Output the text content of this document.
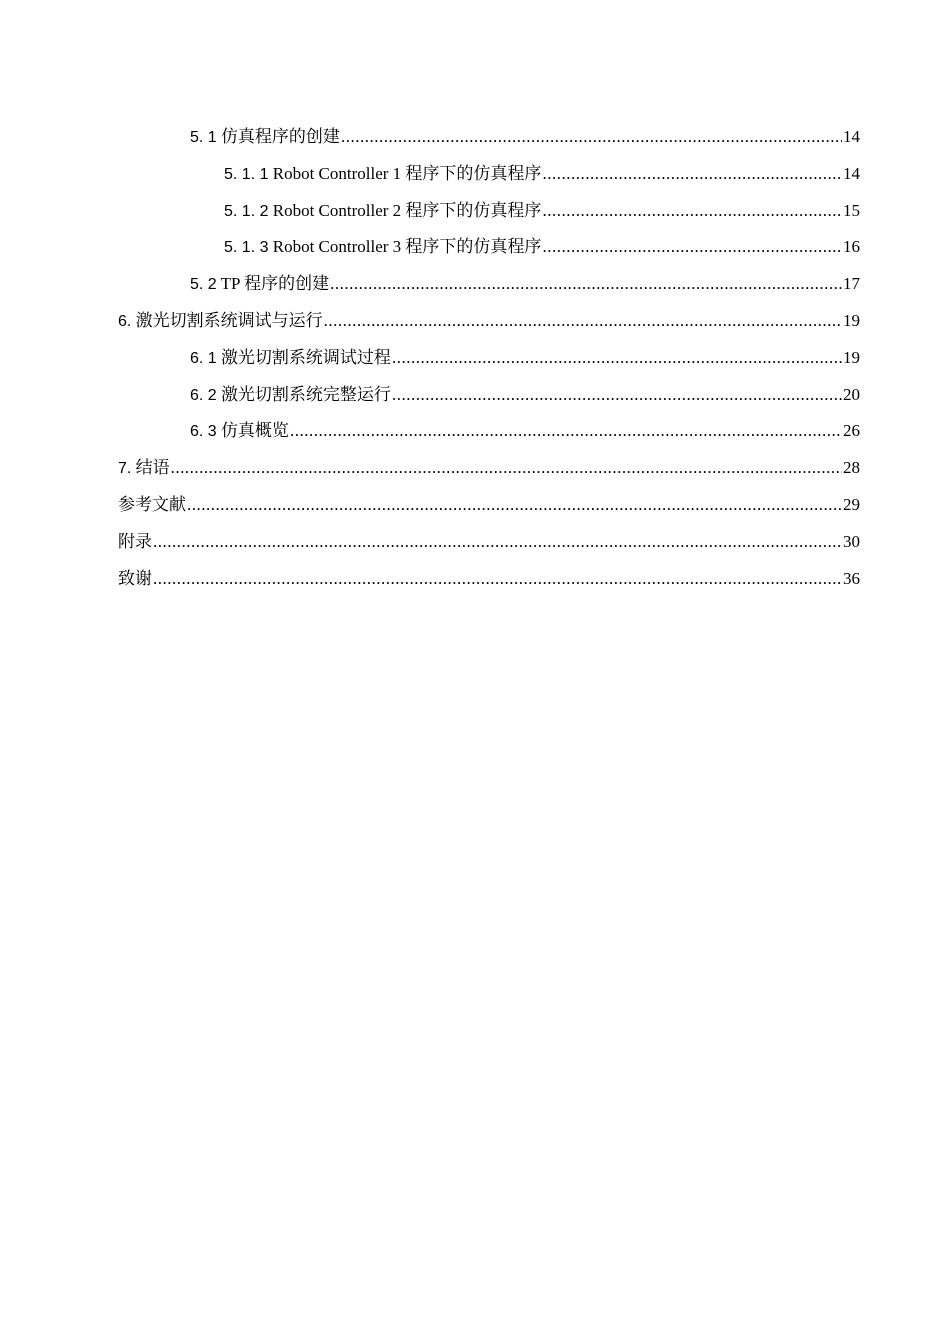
5. 1 仿真程序的创建 .....	14
5. 1. 1 Robot Controller 1 程序下的仿真程序 .....	14
5. 1. 2 Robot Controller 2 程序下的仿真程序 .....	15
5. 1. 3 Robot Controller 3 程序下的仿真程序 .....	16
5. 2 TP 程序的创建 .....	17
6. 激光切割系统调试与运行 .....	19
6. 1 激光切割系统调试过程 .....	19
6. 2 激光切割系统完整运行 .....	20
6. 3 仿真概览 .....	26
7. 结语 .....	28
参考文献 .....	29
附录 .....	30
致谢 .....	36
